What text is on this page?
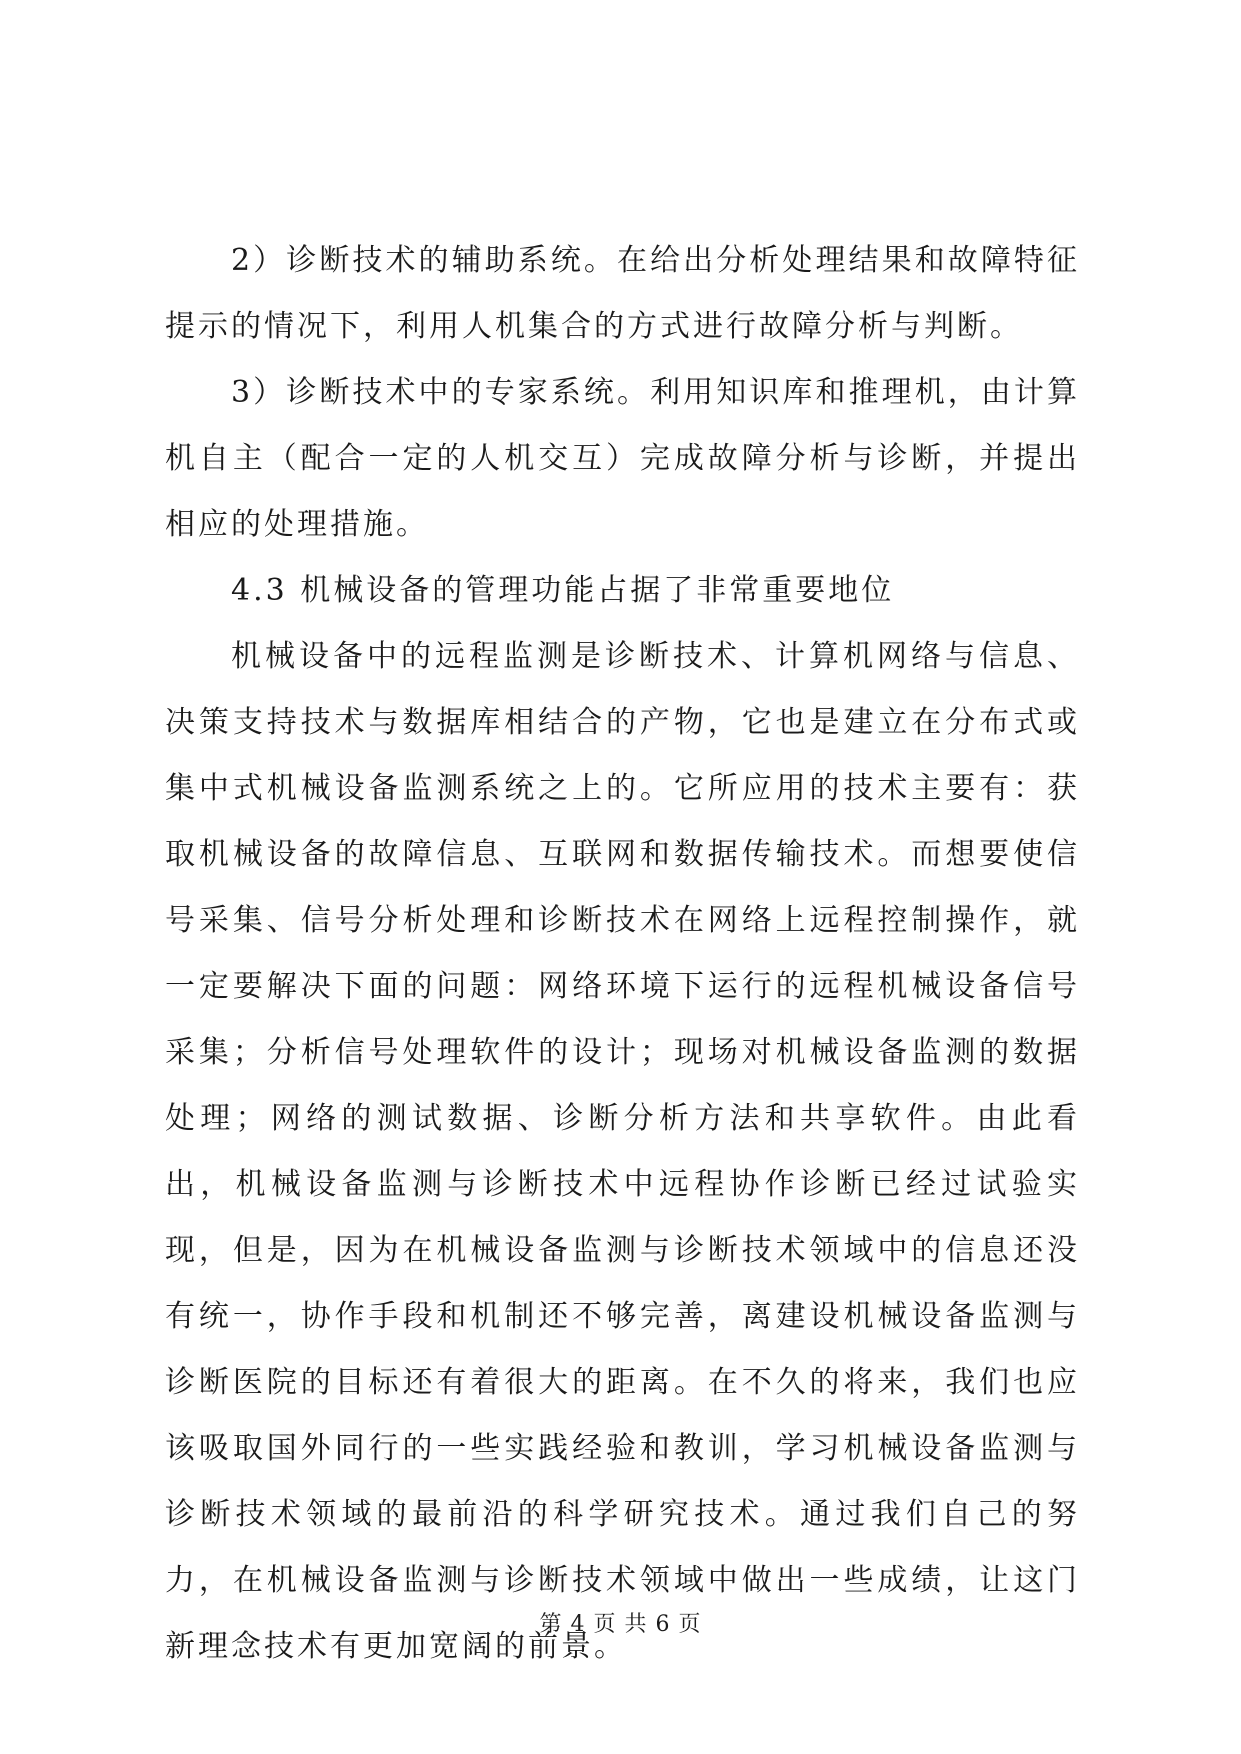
2）诊断技术的辅助系统。在给出分析处理结果和故障特征提示的情况下，利用人机集合的方式进行故障分析与判断。

3）诊断技术中的专家系统。利用知识库和推理机，由计算机自主（配合一定的人机交互）完成故障分析与诊断，并提出相应的处理措施。

4.3 机械设备的管理功能占据了非常重要地位

机械设备中的远程监测是诊断技术、计算机网络与信息、决策支持技术与数据库相结合的产物，它也是建立在分布式或集中式机械设备监测系统之上的。它所应用的技术主要有：获取机械设备的故障信息、互联网和数据传输技术。而想要使信号采集、信号分析处理和诊断技术在网络上远程控制操作，就一定要解决下面的问题：网络环境下运行的远程机械设备信号采集；分析信号处理软件的设计；现场对机械设备监测的数据处理；网络的测试数据、诊断分析方法和共享软件。由此看出，机械设备监测与诊断技术中远程协作诊断已经过试验实现，但是，因为在机械设备监测与诊断技术领域中的信息还没有统一，协作手段和机制还不够完善，离建设机械设备监测与诊断医院的目标还有着很大的距离。在不久的将来，我们也应该吸取国外同行的一些实践经验和教训，学习机械设备监测与诊断技术领域的最前沿的科学研究技术。通过我们自己的努力，在机械设备监测与诊断技术领域中做出一些成绩，让这门新理念技术有更加宽阔的前景。

第 4 页 共 6 页
